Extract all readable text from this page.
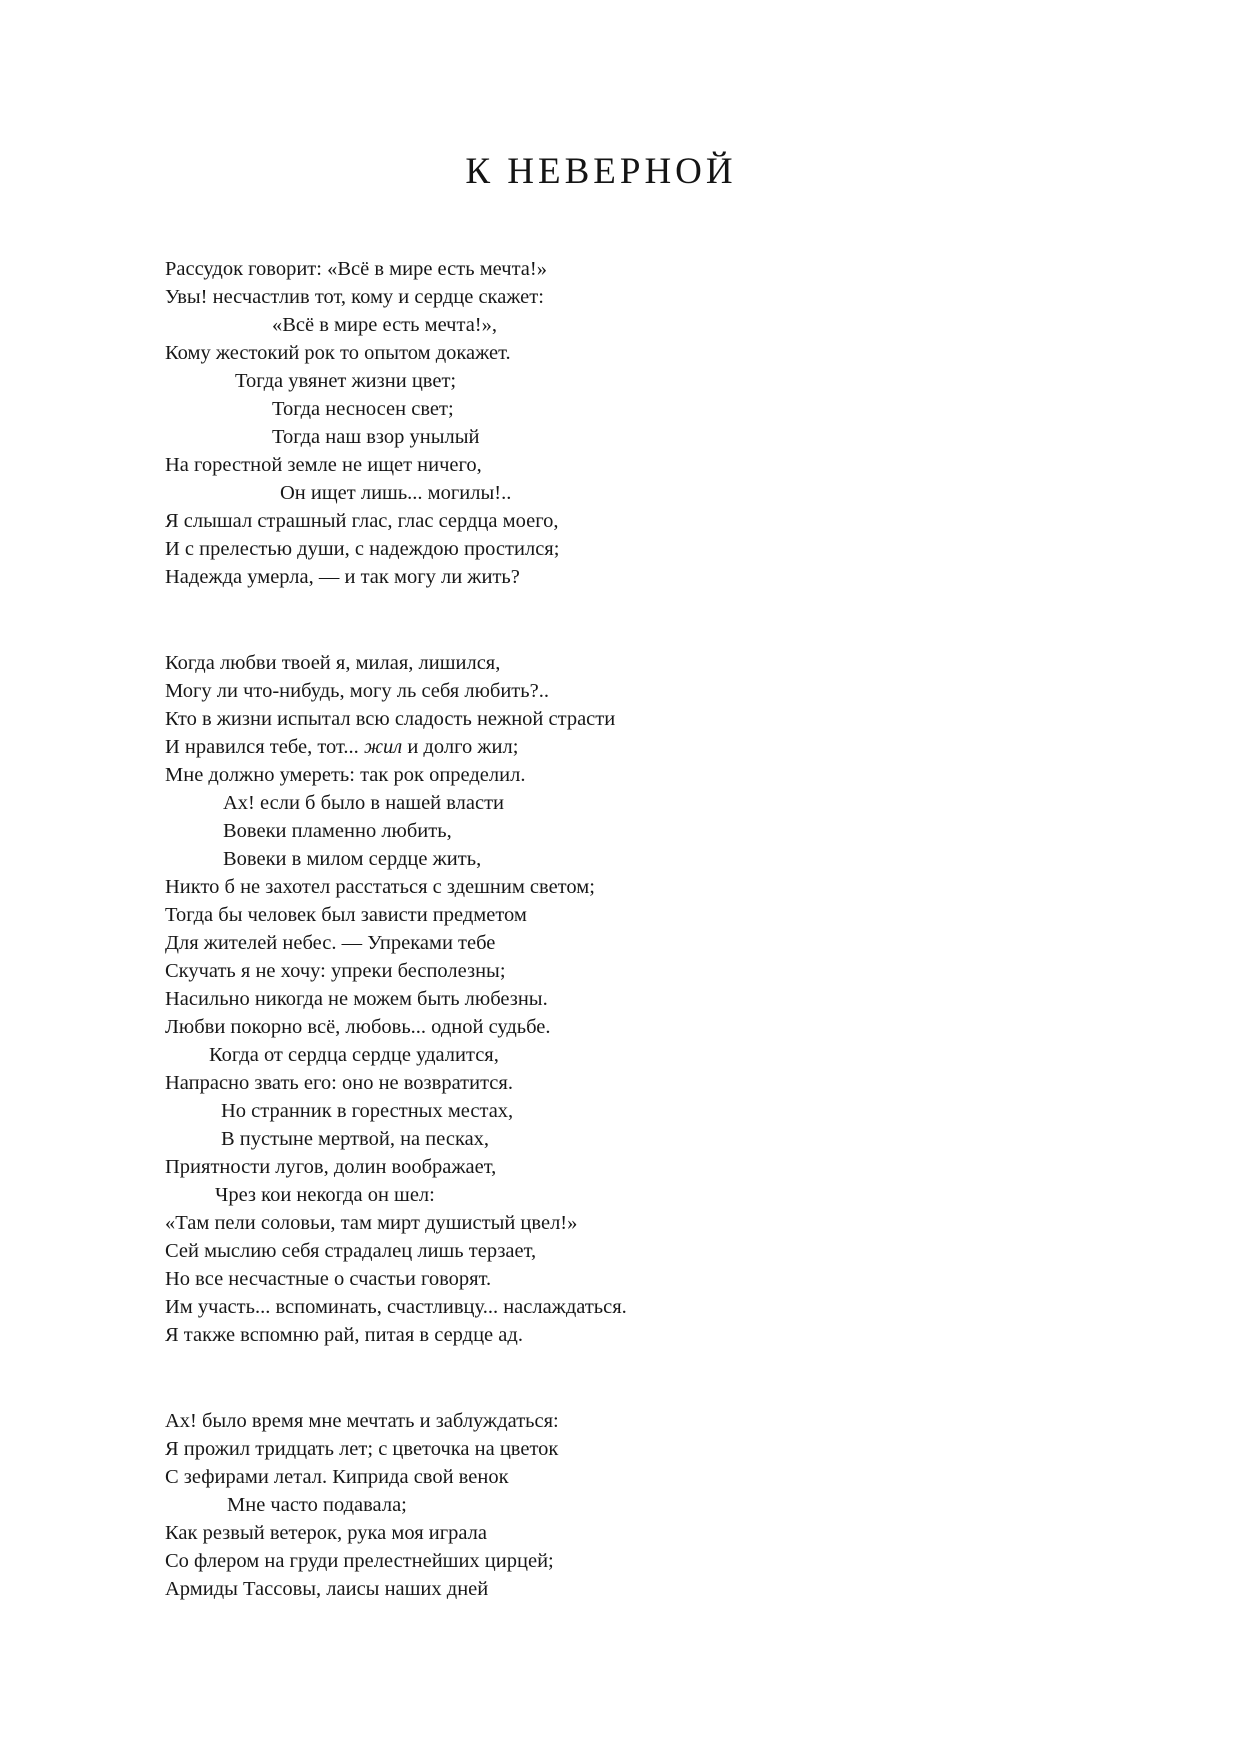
К НЕВЕРНОЙ
Рассудок говорит: «Всё в мире есть мечта!»
Увы! несчастлив тот, кому и сердце скажет:
«Всё в мире есть мечта!»,
Кому жестокий рок то опытом докажет.
Тогда увянет жизни цвет;
Тогда несносен свет;
Тогда наш взор унылый
На горестной земле не ищет ничего,
Он ищет лишь... могилы!..
Я слышал страшный глас, глас сердца моего,
И с прелестью души, с надеждою простился;
Надежда умерла, — и так могу ли жить?
Когда любви твоей я, милая, лишился,
Могу ли что-нибудь, могу ль себя любить?..
Кто в жизни испытал всю сладость нежной страсти
И нравился тебе, тот... жил и долго жил;
Мне должно умереть: так рок определил.
Ах! если б было в нашей власти
Вовеки пламенно любить,
Вовеки в милом сердце жить,
Никто б не захотел расстаться с здешним светом;
Тогда бы человек был зависти предметом
Для жителей небес. — Упреками тебе
Скучать я не хочу: упреки бесполезны;
Насильно никогда не можем быть любезны.
Любви покорно всё, любовь... одной судьбе.
Когда от сердца сердце удалится,
Напрасно звать его: оно не возвратится.
Но странник в горестных местах,
В пустыне мертвой, на песках,
Приятности лугов, долин воображает,
Чрез кои некогда он шел:
«Там пели соловьи, там мирт душистый цвел!»
Сей мыслию себя страдалец лишь терзает,
Но все несчастные о счастьи говорят.
Им участь... вспоминать, счастливцу... наслаждаться.
Я также вспомню рай, питая в сердце ад.
Ах! было время мне мечтать и заблуждаться:
Я прожил тридцать лет; с цветочка на цветок
С зефирами летал. Киприда свой венок
Мне часто подавала;
Как резвый ветерок, рука моя играла
Со флером на груди прелестнейших цирцей;
Армиды Тассовы, лаисы наших дней
